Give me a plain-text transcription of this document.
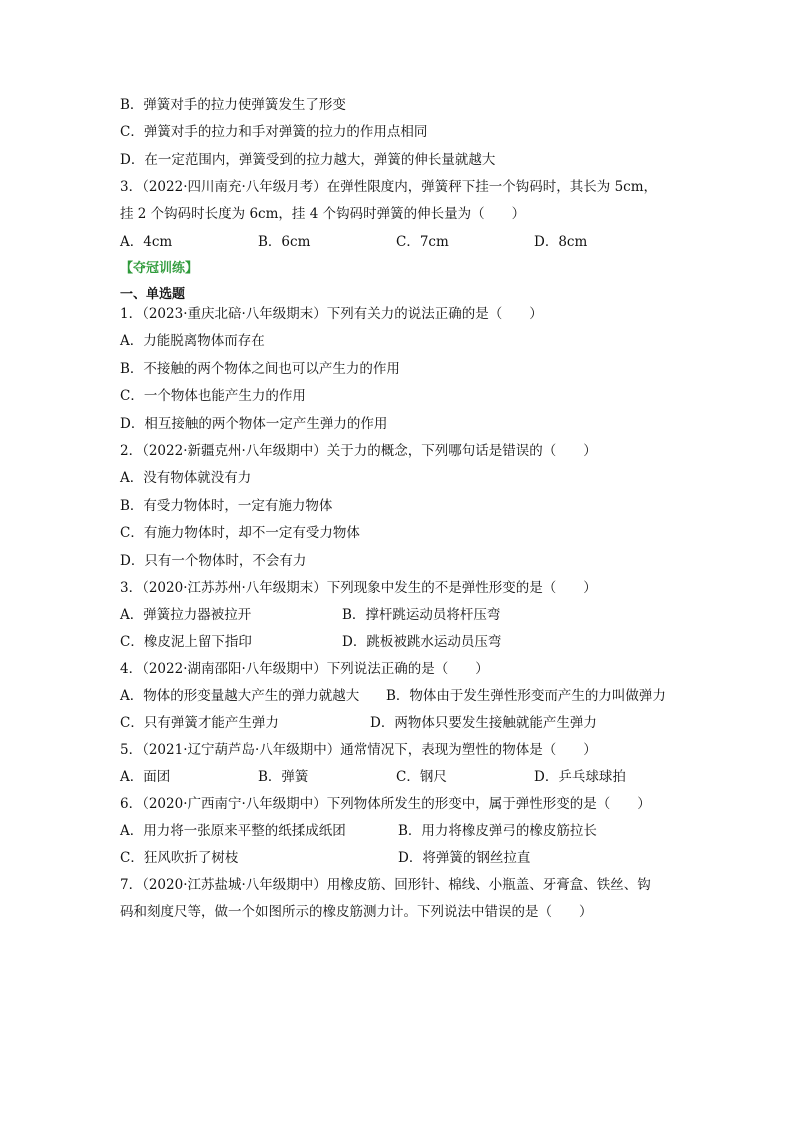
B．弹簧对手的拉力使弹簧发生了形变
C．弹簧对手的拉力和手对弹簧的拉力的作用点相同
D．在一定范围内，弹簧受到的拉力越大，弹簧的伸长量就越大
3．（2022·四川南充·八年级月考）在弹性限度内，弹簧秤下挂一个钩码时，其长为 5cm，
挂 2 个钩码时长度为 6cm，挂 4 个钩码时弹簧的伸长量为（　　）
A．4cm	B．6cm	C．7cm	D．8cm
【夺冠训练】
一、单选题
1．（2023·重庆北碚·八年级期末）下列有关力的说法正确的是（　　）
A．力能脱离物体而存在
B．不接触的两个物体之间也可以产生力的作用
C．一个物体也能产生力的作用
D．相互接触的两个物体一定产生弹力的作用
2．（2022·新疆克州·八年级期中）关于力的概念，下列哪句话是错误的（　　）
A．没有物体就没有力
B．有受力物体时，一定有施力物体
C．有施力物体时，却不一定有受力物体
D．只有一个物体时，不会有力
3．（2020·江苏苏州·八年级期末）下列现象中发生的不是弹性形变的是（　　）
A．弹簧拉力器被拉开	B．撑杆跳运动员将杆压弯
C．橡皮泥上留下指印	D．跳板被跳水运动员压弯
4．（2022·湖南邵阳·八年级期中）下列说法正确的是（　　）
A．物体的形变量越大产生的弹力就越大 B．物体由于发生弹性形变而产生的力叫做弹力
C．只有弹簧才能产生弹力	D．两物体只要发生接触就能产生弹力
5．（2021·辽宁葫芦岛·八年级期中）通常情况下，表现为塑性的物体是（　　）
A．面团	B．弹簧	C．钢尺	D．乒乓球球拍
6．（2020·广西南宁·八年级期中）下列物体所发生的形变中，属于弹性形变的是（　　）
A．用力将一张原来平整的纸揉成纸团	B．用力将橡皮弹弓的橡皮筋拉长
C．狂风吹折了树枝	D．将弹簧的钢丝拉直
7．（2020·江苏盐城·八年级期中）用橡皮筋、回形针、棉线、小瓶盖、牙膏盒、铁丝、钩
码和刻度尺等，做一个如图所示的橡皮筋测力计。下列说法中错误的是（　　）
